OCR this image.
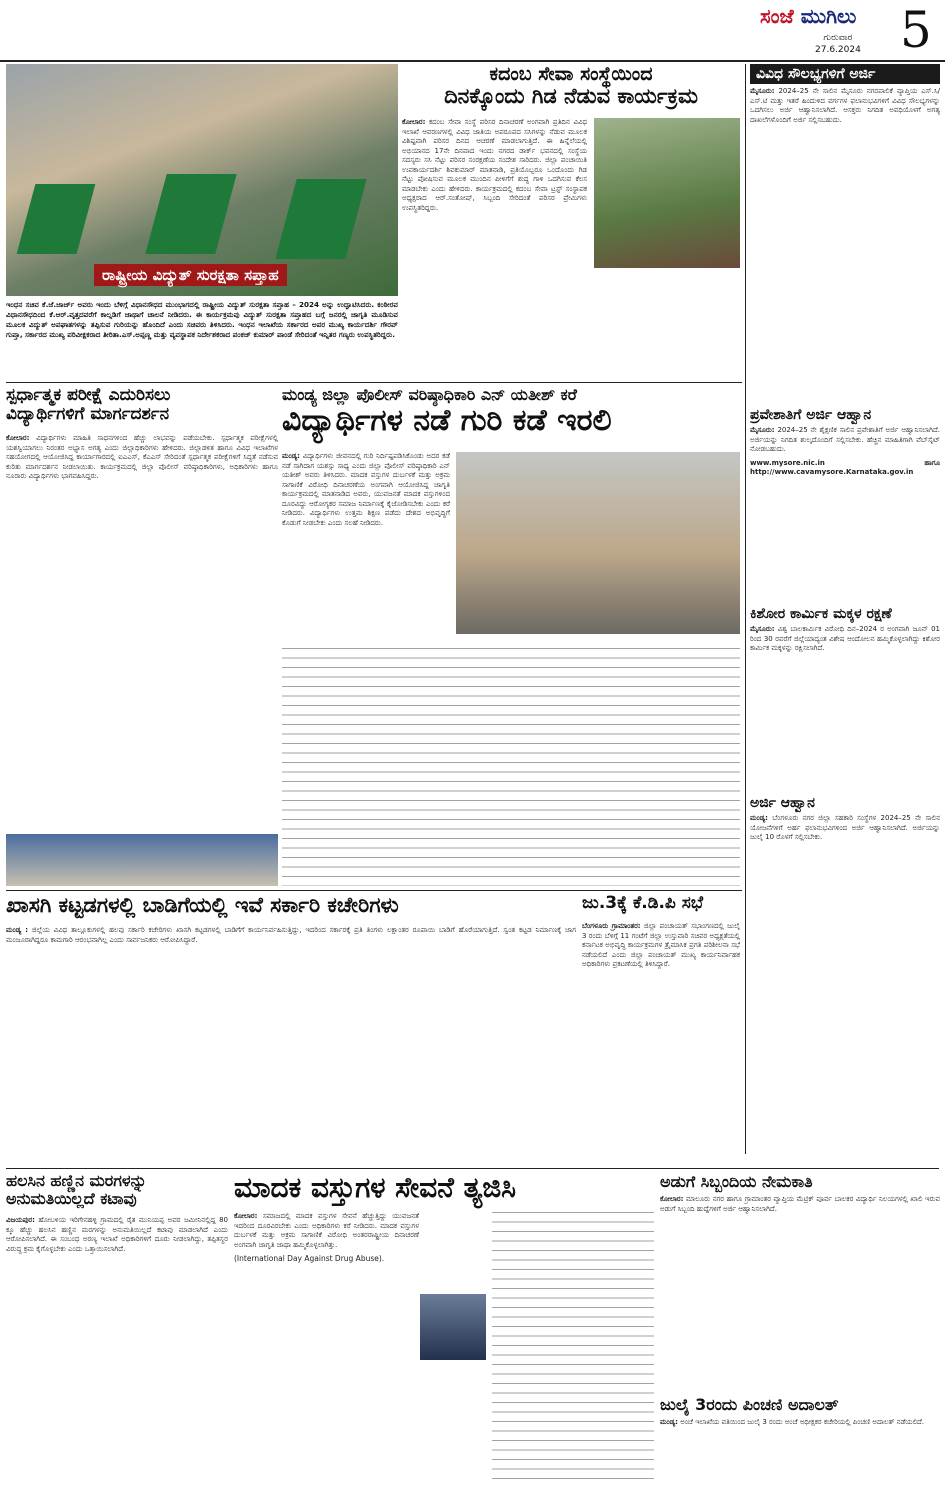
ಸಂಜೆ ಮುಗಿಲು
ಗುರುವಾರ
27.6.2024 5
ರಾಷ್ಟ್ರೀಯ ವಿದ್ಯುತ್ ಸುರಕ್ಷತಾ ಸಪ್ತಾಹ
ಇಂಧನ ಸಚಿವ ಕೆ.ಜೆ.ಜಾರ್ಜ್ ಅವರು ಇಂದು ಬೆಳಿಗ್ಗೆ ವಿಧಾನಸೌಧದ ಮುಂಭಾಗದಲ್ಲಿ ರಾಷ್ಟ್ರೀಯ ವಿದ್ಯುತ್ ಸುರಕ್ಷತಾ ಸಪ್ತಾಹ – 2024 ಅನ್ನು ಉದ್ಘಾಟಿಸಿದರು. ಕಂಠೀರವ ವಿಧಾನಸೌಧದಿಂದ ಕೆ.ಆರ್.ವೃತ್ತದವರೆಗೆ ಕಾಲ್ನಡಿಗೆ ಜಾಥಾಗೆ ಚಾಲನೆ ನೀಡಿದರು. ಈ ಕಾರ್ಯಕ್ರಮವು ವಿದ್ಯುತ್ ಸುರಕ್ಷತಾ ಸಪ್ತಾಹದ ಬಗ್ಗೆ ಜನರಲ್ಲಿ ಜಾಗೃತಿ ಮೂಡಿಸುವ ಮೂಲಕ ವಿದ್ಯುತ್ ಅಪಘಾತಗಳನ್ನು ತಪ್ಪಿಸುವ ಗುರಿಯನ್ನು ಹೊಂದಿದೆ ಎಂದು ಸಚಿವರು ತಿಳಿಸಿದರು. ಇಂಧನ ಇಲಾಖೆಯ ಸರ್ಕಾರದ ಅಪರ ಮುಖ್ಯ ಕಾರ್ಯದರ್ಶಿ ಗೌರವ್ ಗುಪ್ತಾ, ಸರ್ಕಾರದ ಮುಖ್ಯ ಪರಿವೀಕ್ಷಕರಾದ ತೀರಿತಾ.ಎಸ್.ಅಪ್ಪಣ್ಣ ಮತ್ತು ವ್ಯವಸ್ಥಾಪಕ ನಿರ್ದೇಶಕರಾದ ಪಂಕಜ್ ಕುಮಾರ್ ಪಾಂಡೆ ಸೇರಿದಂತೆ ಇನ್ನಿತರ ಗಣ್ಯರು ಉಪಸ್ಥಿತರಿದ್ದರು.
ಕದಂಬ ಸೇವಾ ಸಂಸ್ಥೆಯಿಂದ
ದಿನಕ್ಕೊಂದು ಗಿಡ ನೆಡುವ ಕಾರ್ಯಕ್ರಮ
ಕೋಲಾರ: ಕದಂಬ ಸೇವಾ ಸಂಸ್ಥೆ ಪರಿಸರ ದಿನಾಚರಣೆ ಅಂಗವಾಗಿ ಪ್ರತಿದಿನ ವಿವಿಧ ಇಲಾಖೆ ಆವರಣಗಳಲ್ಲಿ ವಿವಿಧ ಜಾತಿಯ ಅಪರೂಪದ ಸಸಿಗಳನ್ನು ನೆಡುವ ಮೂಲಕ ವಿಶಿಷ್ಟವಾಗಿ ಪರಿಸರ ದಿನದ ಆಚರಣೆ ಮಾಡಲಾಗುತ್ತಿದೆ. ಈ ಹಿನ್ನೆಲೆಯಲ್ಲಿ ಅಭಿಯಾನದ 17ನೇ ದಿನವಾದ ಇಂದು ನಗರದ ಡಾರ್ಕ್ ಭವನದಲ್ಲಿ ಸಂಸ್ಥೆಯ ಸದಸ್ಯರು ಸಸಿ ನೆಟ್ಟು ಪರಿಸರ ಸಂರಕ್ಷಣೆಯ ಸಂದೇಶ ಸಾರಿದರು. ಜಿಲ್ಲಾ ಪಂಚಾಯಿತಿ ಉಪಕಾರ್ಯದರ್ಶಿ ಶಿವಕುಮಾರ್ ಮಾತನಾಡಿ, ಪ್ರತಿಯೊಬ್ಬರೂ ಒಂದೊಂದು ಗಿಡ ನೆಟ್ಟು ಪೋಷಿಸುವ ಮೂಲಕ ಮುಂದಿನ ಪೀಳಿಗೆಗೆ ಶುದ್ಧ ಗಾಳಿ ಒದಗಿಸುವ ಕೆಲಸ ಮಾಡಬೇಕು ಎಂದು ಹೇಳಿದರು. ಕಾರ್ಯಕ್ರಮದಲ್ಲಿ ಕದಂಬ ಸೇವಾ ಟ್ರಸ್ಟ್ ಸಂಸ್ಥಾಪಕ ಅಧ್ಯಕ್ಷರಾದ ಆರ್.ಸಂತೋಷ್, ಸಿಬ್ಬಂದಿ ಸೇರಿದಂತೆ ಪರಿಸರ ಪ್ರೇಮಿಗಳು ಉಪಸ್ಥಿತರಿದ್ದರು.
ಸ್ಪರ್ಧಾತ್ಮಕ ಪರೀಕ್ಷೆ ಎದುರಿಸಲು
ವಿದ್ಯಾರ್ಥಿಗಳಿಗೆ ಮಾರ್ಗದರ್ಶನ
ಕೋಲಾರ: ವಿದ್ಯಾರ್ಥಿಗಳು ಮಾಹಿತಿ ಸಾಧನಗಳಿಂದ ಹೆಚ್ಚು ಲಾಭವನ್ನು ಪಡೆಯಬೇಕು. ಸ್ಪರ್ಧಾತ್ಮಕ ಪರೀಕ್ಷೆಗಳಲ್ಲಿ ಯಶಸ್ವಿಯಾಗಲು ನಿರಂತರ ಅಭ್ಯಾಸ ಅಗತ್ಯ ಎಂದು ಜಿಲ್ಲಾಧಿಕಾರಿಗಳು ಹೇಳಿದರು. ಜಿಲ್ಲಾಡಳಿತ ಹಾಗೂ ವಿವಿಧ ಇಲಾಖೆಗಳ ಸಹಯೋಗದಲ್ಲಿ ಆಯೋಜಿಸಿದ್ದ ಕಾರ್ಯಾಗಾರದಲ್ಲಿ ಐಎಎಸ್, ಕೆಎಎಸ್ ಸೇರಿದಂತೆ ಸ್ಪರ್ಧಾತ್ಮಕ ಪರೀಕ್ಷೆಗಳಿಗೆ ಸಿದ್ಧತೆ ನಡೆಸುವ ಕುರಿತು ಮಾರ್ಗದರ್ಶನ ನೀಡಲಾಯಿತು. ಕಾರ್ಯಕ್ರಮದಲ್ಲಿ ಜಿಲ್ಲಾ ಪೊಲೀಸ್ ವರಿಷ್ಠಾಧಿಕಾರಿಗಳು, ಅಧಿಕಾರಿಗಳು ಹಾಗೂ ನೂರಾರು ವಿದ್ಯಾರ್ಥಿಗಳು ಭಾಗವಹಿಸಿದ್ದರು.
ಮಂಡ್ಯ ಜಿಲ್ಲಾ ಪೊಲೀಸ್ ವರಿಷ್ಠಾಧಿಕಾರಿ ಎನ್ ಯತೀಶ್ ಕರೆ
ವಿದ್ಯಾರ್ಥಿಗಳ ನಡೆ ಗುರಿ ಕಡೆ ಇರಲಿ
ಮಂಡ್ಯ: ವಿದ್ಯಾರ್ಥಿಗಳು ಜೀವನದಲ್ಲಿ ಗುರಿ ನಿರ್ದಿಷ್ಟಪಡಿಸಿಕೊಂಡು ಅದರ ಕಡೆ ನಡೆ ಸಾಗಿದಾಗ ಯಶಸ್ಸು ಸಾಧ್ಯ ಎಂದು ಜಿಲ್ಲಾ ಪೊಲೀಸ್ ವರಿಷ್ಠಾಧಿಕಾರಿ ಎನ್ ಯತೀಶ್ ಅವರು ತಿಳಿಸಿದರು. ಮಾದಕ ವಸ್ತುಗಳ ದುರ್ಬಳಕೆ ಮತ್ತು ಅಕ್ರಮ ಸಾಗಾಣಿಕೆ ವಿರೋಧಿ ದಿನಾಚರಣೆಯ ಅಂಗವಾಗಿ ಆಯೋಜಿಸಿದ್ದ ಜಾಗೃತಿ ಕಾರ್ಯಕ್ರಮದಲ್ಲಿ ಮಾತನಾಡಿದ ಅವರು, ಯುವಜನತೆ ಮಾದಕ ವಸ್ತುಗಳಿಂದ ದೂರವಿದ್ದು ಆರೋಗ್ಯಕರ ಸಮಾಜ ನಿರ್ಮಾಣಕ್ಕೆ ಕೈಜೋಡಿಸಬೇಕು ಎಂದು ಕರೆ ನೀಡಿದರು. ವಿದ್ಯಾರ್ಥಿಗಳು ಉತ್ತಮ ಶಿಕ್ಷಣ ಪಡೆದು ದೇಶದ ಅಭಿವೃದ್ಧಿಗೆ ಕೊಡುಗೆ ನೀಡಬೇಕು ಎಂದು ಸಲಹೆ ನೀಡಿದರು.
ಖಾಸಗಿ ಕಟ್ಟಡಗಳಲ್ಲಿ ಬಾಡಿಗೆಯಲ್ಲಿ ಇವೆ ಸರ್ಕಾರಿ ಕಚೇರಿಗಳು
ಮಂಡ್ಯ : ಜಿಲ್ಲೆಯ ವಿವಿಧ ತಾಲ್ಲೂಕುಗಳಲ್ಲಿ ಹಲವು ಸರ್ಕಾರಿ ಕಚೇರಿಗಳು ಖಾಸಗಿ ಕಟ್ಟಡಗಳಲ್ಲಿ ಬಾಡಿಗೆಗೆ ಕಾರ್ಯನಿರ್ವಹಿಸುತ್ತಿದ್ದು, ಇದರಿಂದ ಸರ್ಕಾರಕ್ಕೆ ಪ್ರತಿ ತಿಂಗಳು ಲಕ್ಷಾಂತರ ರೂಪಾಯಿ ಬಾಡಿಗೆ ಹೊರೆಯಾಗುತ್ತಿದೆ. ಸ್ವಂತ ಕಟ್ಟಡ ನಿರ್ಮಾಣಕ್ಕೆ ಜಾಗ ಮಂಜೂರಾಗಿದ್ದರೂ ಕಾಮಗಾರಿ ಆರಂಭವಾಗಿಲ್ಲ ಎಂದು ಸಾರ್ವಜನಿಕರು ಆರೋಪಿಸಿದ್ದಾರೆ.
ಜು.3ಕ್ಕೆ ಕೆ.ಡಿ.ಪಿ ಸಭೆ
ಬೆಂಗಳೂರು ಗ್ರಾಮಾಂತರ: ಜಿಲ್ಲಾ ಪಂಚಾಯತ್ ಸಭಾಂಗಣದಲ್ಲಿ ಜುಲೈ 3 ರಂದು ಬೆಳಿಗ್ಗೆ 11 ಗಂಟೆಗೆ ಜಿಲ್ಲಾ ಉಸ್ತುವಾರಿ ಸಚಿವರ ಅಧ್ಯಕ್ಷತೆಯಲ್ಲಿ ಕರ್ನಾಟಕ ಅಭಿವೃದ್ಧಿ ಕಾರ್ಯಕ್ರಮಗಳ ತ್ರೈಮಾಸಿಕ ಪ್ರಗತಿ ಪರಿಶೀಲನಾ ಸಭೆ ನಡೆಯಲಿದೆ ಎಂದು ಜಿಲ್ಲಾ ಪಂಚಾಯತ್ ಮುಖ್ಯ ಕಾರ್ಯನಿರ್ವಾಹಕ ಅಧಿಕಾರಿಗಳು ಪ್ರಕಟಣೆಯಲ್ಲಿ ತಿಳಿಸಿದ್ದಾರೆ.
ಹಲಸಿನ ಹಣ್ಣಿನ ಮರಗಳನ್ನು
ಅನುಮತಿಯಿಲ್ಲದೆ ಕಟಾವು
ವಿಜಯಪುರ: ಹೋಬಳಿಯ ಇರಿಗೇನಹಳ್ಳಿ ಗ್ರಾಮದಲ್ಲಿ ರೈತ ಮುನಿಯಪ್ಪ ಅವರ ಜಮೀನಿನಲ್ಲಿದ್ದ 80 ಕ್ಕೂ ಹೆಚ್ಚು ಹಲಸಿನ ಹಣ್ಣಿನ ಮರಗಳನ್ನು ಅನುಮತಿಯಿಲ್ಲದೆ ಕಟಾವು ಮಾಡಲಾಗಿದೆ ಎಂದು ಆರೋಪಿಸಲಾಗಿದೆ. ಈ ಸಂಬಂಧ ಅರಣ್ಯ ಇಲಾಖೆ ಅಧಿಕಾರಿಗಳಿಗೆ ದೂರು ನೀಡಲಾಗಿದ್ದು, ತಪ್ಪಿತಸ್ಥರ ವಿರುದ್ಧ ಕ್ರಮ ಕೈಗೊಳ್ಳಬೇಕು ಎಂದು ಒತ್ತಾಯಿಸಲಾಗಿದೆ.
ಮಾದಕ ವಸ್ತುಗಳ ಸೇವನೆ ತ್ಯಜಿಸಿ
ಕೋಲಾರ: ಸಮಾಜದಲ್ಲಿ ಮಾದಕ ವಸ್ತುಗಳ ಸೇವನೆ ಹೆಚ್ಚುತ್ತಿದ್ದು ಯುವಜನತೆ ಇದರಿಂದ ದೂರವಿರಬೇಕು ಎಂದು ಅಧಿಕಾರಿಗಳು ಕರೆ ನೀಡಿದರು. ಮಾದಕ ವಸ್ತುಗಳ ದುರ್ಬಳಕೆ ಮತ್ತು ಅಕ್ರಮ ಸಾಗಾಣಿಕೆ ವಿರೋಧಿ ಅಂತರರಾಷ್ಟ್ರೀಯ ದಿನಾಚರಣೆ ಅಂಗವಾಗಿ ಜಾಗೃತಿ ಜಾಥಾ ಹಮ್ಮಿಕೊಳ್ಳಲಾಗಿತ್ತು.
(International Day Against Drug Abuse).
ವಿವಿಧ ಸೌಲಭ್ಯಗಳಿಗೆ ಅರ್ಜಿ
ಮೈಸೂರು: 2024–25 ನೇ ಸಾಲಿನ ಮೈಸೂರು ನಗರಪಾಲಿಕೆ ವ್ಯಾಪ್ತಿಯ ಎಸ್.ಸಿ/ಎಸ್.ಟಿ ಮತ್ತು ಇತರೆ ಹಿಂದುಳಿದ ವರ್ಗಗಳ ಫಲಾನುಭವಿಗಳಿಗೆ ವಿವಿಧ ಸೌಲಭ್ಯಗಳನ್ನು ಒದಗಿಸಲು ಅರ್ಜಿ ಆಹ್ವಾನಿಸಲಾಗಿದೆ. ಆಸಕ್ತರು ನಿಗದಿತ ಅವಧಿಯೊಳಗೆ ಅಗತ್ಯ ದಾಖಲೆಗಳೊಂದಿಗೆ ಅರ್ಜಿ ಸಲ್ಲಿಸಬಹುದು.
ಪ್ರವೇಶಾತಿಗೆ ಅರ್ಜಿ ಆಹ್ವಾನ
ಮೈಸೂರು: 2024–25 ನೇ ಶೈಕ್ಷಣಿಕ ಸಾಲಿನ ಪ್ರವೇಶಾತಿಗೆ ಅರ್ಜಿ ಆಹ್ವಾನಿಸಲಾಗಿದೆ. ಅರ್ಜಿಯನ್ನು ನಿಗದಿತ ಶುಲ್ಕದೊಂದಿಗೆ ಸಲ್ಲಿಸಬೇಕು. ಹೆಚ್ಚಿನ ಮಾಹಿತಿಗಾಗಿ ವೆಬ್‌ಸೈಟ್ ನೋಡಬಹುದು.
www.mysore.nic.in ಹಾಗೂ http://www.cavamysore.Karnataka.gov.in
ಕಿಶೋರ ಕಾರ್ಮಿಕ ಮಕ್ಕಳ ರಕ್ಷಣೆ
ಮೈಸೂರು: ವಿಶ್ವ ಬಾಲಕಾರ್ಮಿಕ ವಿರೋಧಿ ದಿನ–2024 ರ ಅಂಗವಾಗಿ ಜೂನ್ 01 ರಿಂದ 30 ರವರೆಗೆ ಜಿಲ್ಲೆಯಾದ್ಯಂತ ವಿಶೇಷ ಆಂದೋಲನ ಹಮ್ಮಿಕೊಳ್ಳಲಾಗಿದ್ದು ಕಿಶೋರ ಕಾರ್ಮಿಕ ಮಕ್ಕಳನ್ನು ರಕ್ಷಿಸಲಾಗಿದೆ.
ಅರ್ಜಿ ಆಹ್ವಾನ
ಮಂಡ್ಯ: ಬೆಂಗಳೂರು ನಗರ ಜಿಲ್ಲಾ ಸಹಕಾರಿ ಸಂಸ್ಥೆಗಳ 2024–25 ನೇ ಸಾಲಿನ ಯೋಜನೆಗಳಿಗೆ ಅರ್ಹ ಫಲಾನುಭವಿಗಳಿಂದ ಅರ್ಜಿ ಆಹ್ವಾನಿಸಲಾಗಿದೆ. ಅರ್ಜಿಯನ್ನು ಜುಲೈ 10 ರೊಳಗೆ ಸಲ್ಲಿಸಬೇಕು.
ಅಡುಗೆ ಸಿಬ್ಬಂದಿಯ ನೇಮಕಾತಿ
ಕೋಲಾರ: ಮಾಲೂರು ನಗರ ಹಾಗೂ ಗ್ರಾಮಾಂತರ ವ್ಯಾಪ್ತಿಯ ಮೆಟ್ರಿಕ್ ಪೂರ್ವ ಬಾಲಕರ ವಿದ್ಯಾರ್ಥಿ ನಿಲಯಗಳಲ್ಲಿ ಖಾಲಿ ಇರುವ ಅಡುಗೆ ಸಿಬ್ಬಂದಿ ಹುದ್ದೆಗಳಿಗೆ ಅರ್ಜಿ ಆಹ್ವಾನಿಸಲಾಗಿದೆ.
ಜುಲೈ 3ರಂದು ಪಿಂಚಣಿ ಅದಾಲತ್
ಮಂಡ್ಯ: ಅಂಚೆ ಇಲಾಖೆಯ ವತಿಯಿಂದ ಜುಲೈ 3 ರಂದು ಅಂಚೆ ಅಧೀಕ್ಷಕರ ಕಚೇರಿಯಲ್ಲಿ ಪಿಂಚಣಿ ಅದಾಲತ್ ನಡೆಯಲಿದೆ.
